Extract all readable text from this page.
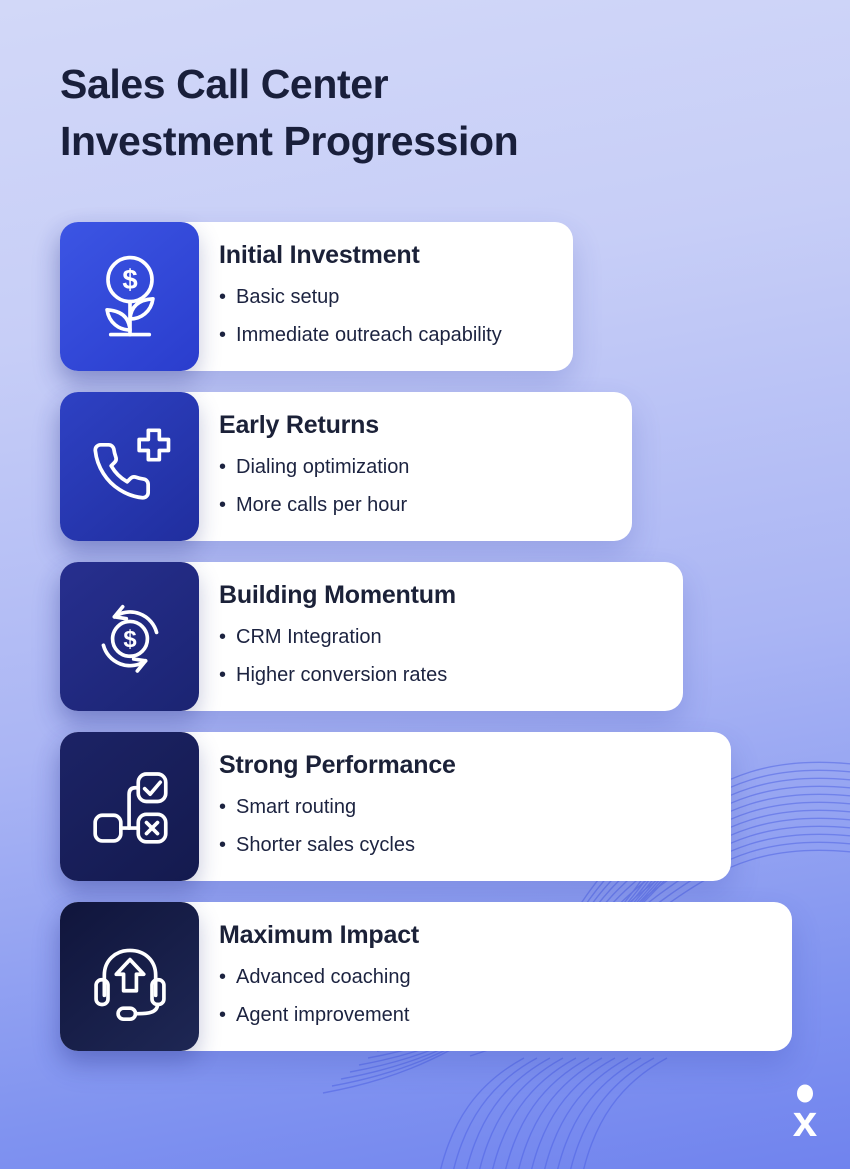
Sales Call Center
Investment Progression
Initial Investment
• Basic setup
• Immediate outreach capability
$
Early Returns
• Dialing optimization
• More calls per hour
Building Momentum
• CRM Integration
• Higher conversion rates
$
Strong Performance
• Smart routing
• Shorter sales cycles
Maximum Impact
• Advanced coaching
• Agent improvement
x
